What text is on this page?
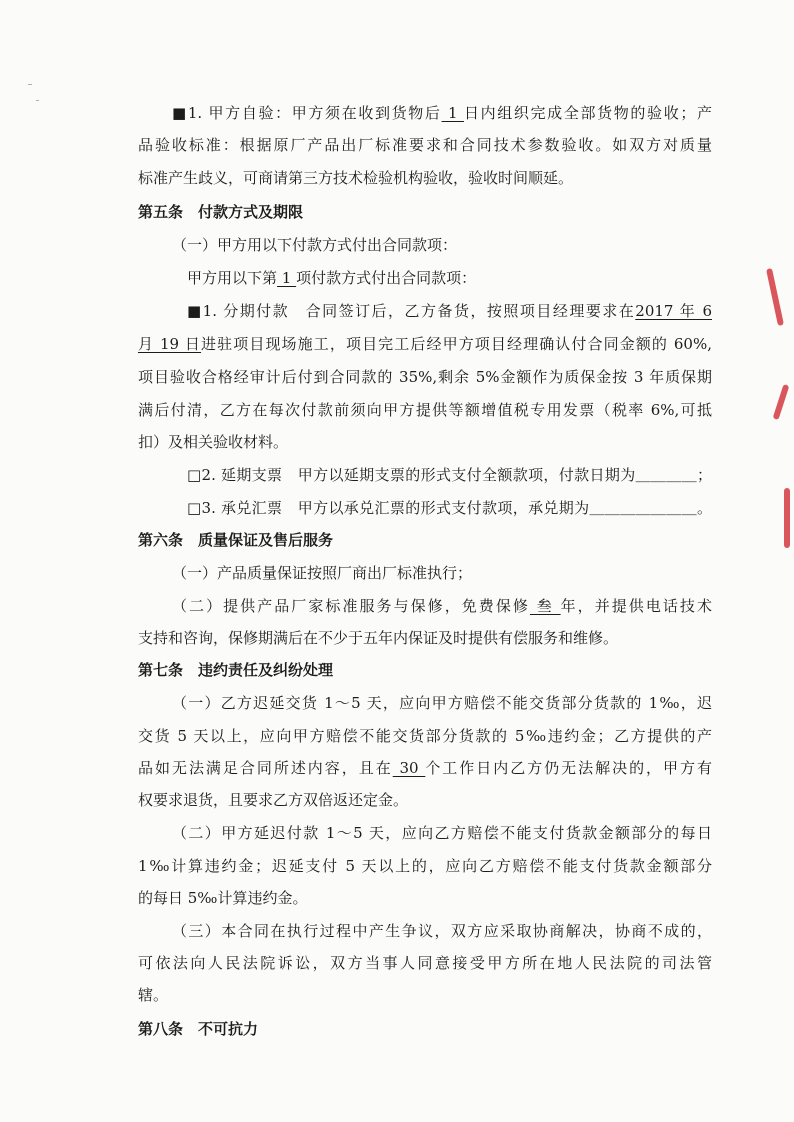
■1. 甲方自验：甲方须在收到货物后 1 日内组织完成全部货物的验收；产
品验收标准：根据原厂产品出厂标准要求和合同技术参数验收。如双方对质量
标准产生歧义，可商请第三方技术检验机构验收，验收时间顺延。
第五条　付款方式及期限
（一）甲方用以下付款方式付出合同款项：
甲方用以下第 1 项付款方式付出合同款项：
■1. 分期付款　合同签订后，乙方备货，按照项目经理要求在2017 年 6
月 19 日进驻项目现场施工，项目完工后经甲方项目经理确认付合同金额的 60%,
项目验收合格经审计后付到合同款的 35%,剩余 5%金额作为质保金按 3 年质保期
满后付清，乙方在每次付款前须向甲方提供等额增值税专用发票（税率 6%,可抵
扣）及相关验收材料。
□2. 延期支票　甲方以延期支票的形式支付全额款项，付款日期为＿＿＿＿；
□3. 承兑汇票　甲方以承兑汇票的形式支付款项，承兑期为＿＿＿＿＿＿＿。
第六条　质量保证及售后服务
（一）产品质量保证按照厂商出厂标准执行；
（二）提供产品厂家标准服务与保修，免费保修 叁 年，并提供电话技术
支持和咨询，保修期满后在不少于五年内保证及时提供有偿服务和维修。
第七条　违约责任及纠纷处理
（一）乙方迟延交货 1～5 天，应向甲方赔偿不能交货部分货款的 1‰，迟
交货 5 天以上，应向甲方赔偿不能交货部分货款的 5‰违约金；乙方提供的产
品如无法满足合同所述内容，且在 30 个工作日内乙方仍无法解决的，甲方有
权要求退货，且要求乙方双倍返还定金。
（二）甲方延迟付款 1～5 天，应向乙方赔偿不能支付货款金额部分的每日
1‰计算违约金；迟延支付 5 天以上的，应向乙方赔偿不能支付货款金额部分
的每日 5‰计算违约金。
（三）本合同在执行过程中产生争议，双方应采取协商解决，协商不成的，
可依法向人民法院诉讼，双方当事人同意接受甲方所在地人民法院的司法管
辖。
第八条　不可抗力
